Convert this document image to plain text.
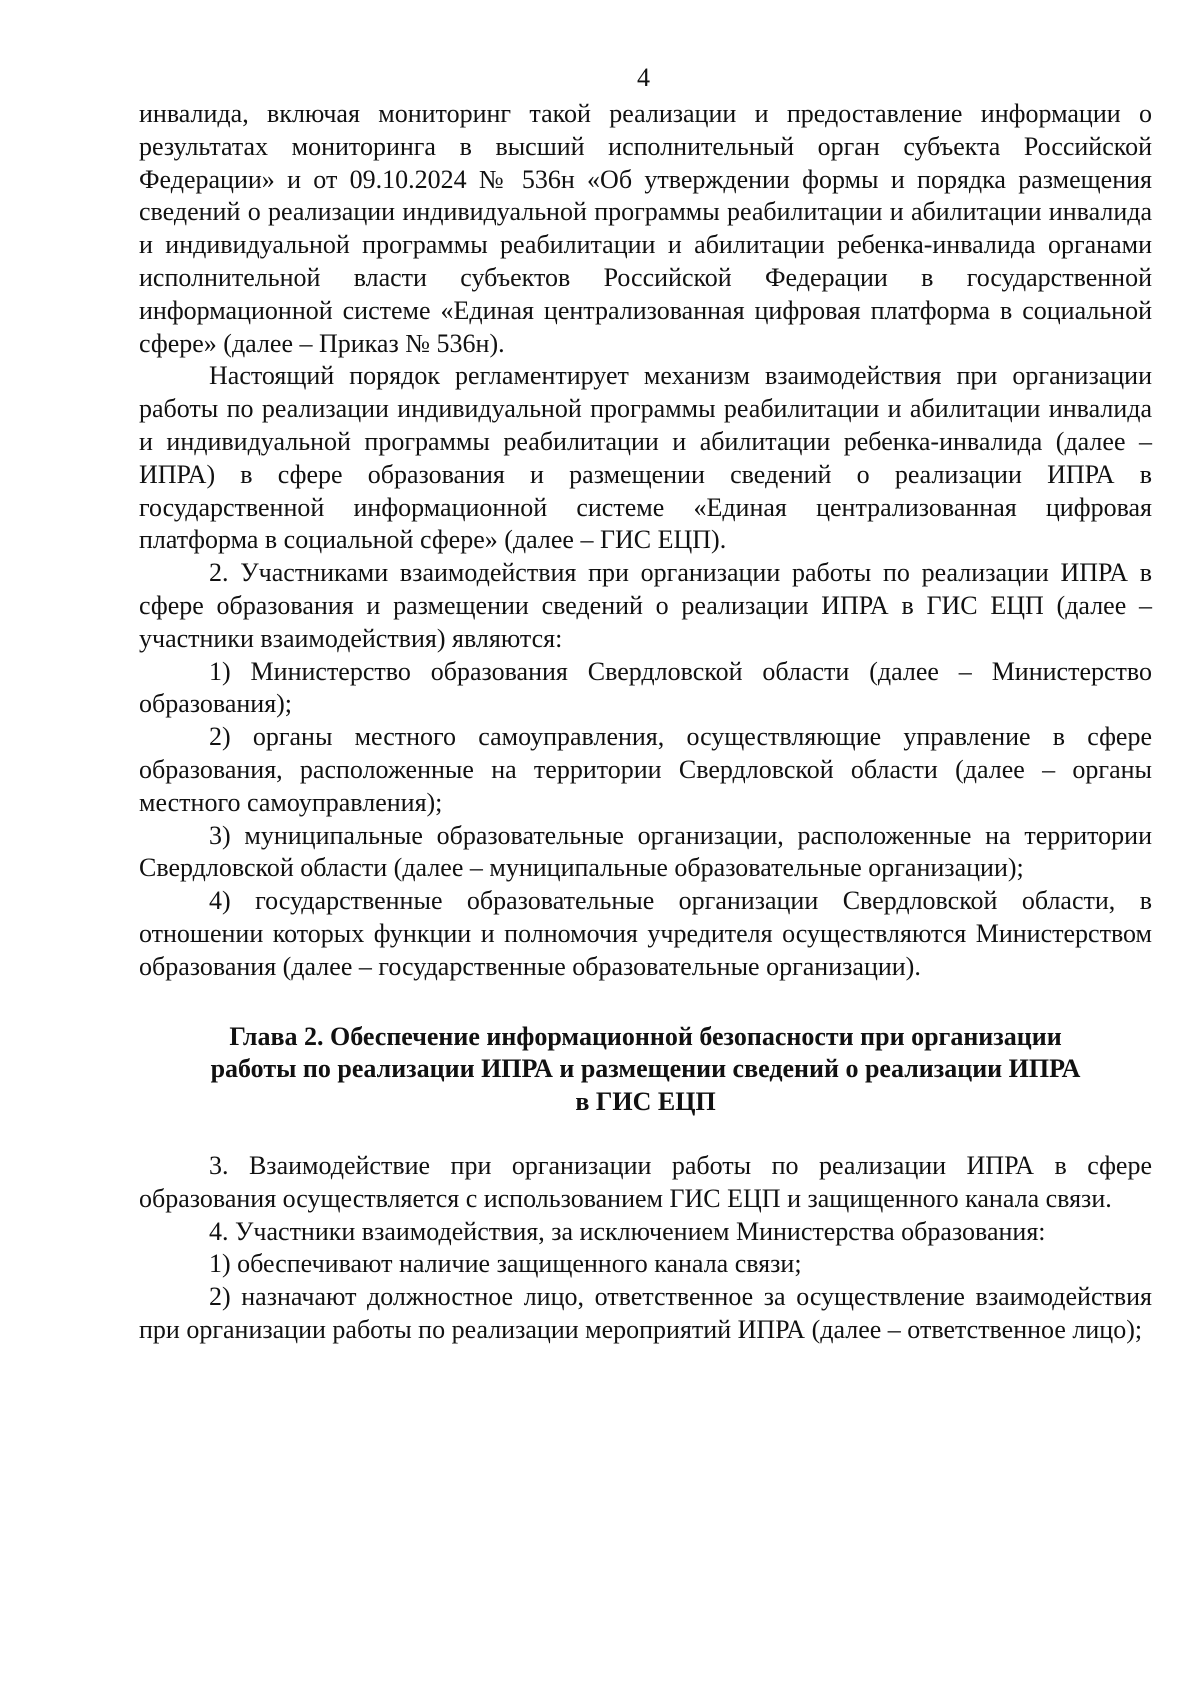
4

инвалида, включая мониторинг такой реализации и предоставление информации о результатах мониторинга в высший исполнительный орган субъекта Российской Федерации» и от 09.10.2024 № 536н «Об утверждении формы и порядка размещения сведений о реализации индивидуальной программы реабилитации и абилитации инвалида и индивидуальной программы реабилитации и абилитации ребенка-инвалида органами исполнительной власти субъектов Российской Федерации в государственной информационной системе «Единая централизованная цифровая платформа в социальной сфере» (далее – Приказ № 536н).

Настоящий порядок регламентирует механизм взаимодействия при организации работы по реализации индивидуальной программы реабилитации и абилитации инвалида и индивидуальной программы реабилитации и абилитации ребенка-инвалида (далее – ИПРА) в сфере образования и размещении сведений о реализации ИПРА в государственной информационной системе «Единая централизованная цифровая платформа в социальной сфере» (далее – ГИС ЕЦП).

2. Участниками взаимодействия при организации работы по реализации ИПРА в сфере образования и размещении сведений о реализации ИПРА в ГИС ЕЦП (далее – участники взаимодействия) являются:

1) Министерство образования Свердловской области (далее – Министерство образования);

2) органы местного самоуправления, осуществляющие управление в сфере образования, расположенные на территории Свердловской области (далее – органы местного самоуправления);

3) муниципальные образовательные организации, расположенные на территории Свердловской области (далее – муниципальные образовательные организации);

4) государственные образовательные организации Свердловской области, в отношении которых функции и полномочия учредителя осуществляются Министерством образования (далее – государственные образовательные организации).

Глава 2. Обеспечение информационной безопасности при организации
работы по реализации ИПРА и размещении сведений о реализации ИПРА
в ГИС ЕЦП

3. Взаимодействие при организации работы по реализации ИПРА в сфере образования осуществляется с использованием ГИС ЕЦП и защищенного канала связи.

4. Участники взаимодействия, за исключением Министерства образования:

1) обеспечивают наличие защищенного канала связи;

2) назначают должностное лицо, ответственное за осуществление взаимодействия при организации работы по реализации мероприятий ИПРА (далее – ответственное лицо);
